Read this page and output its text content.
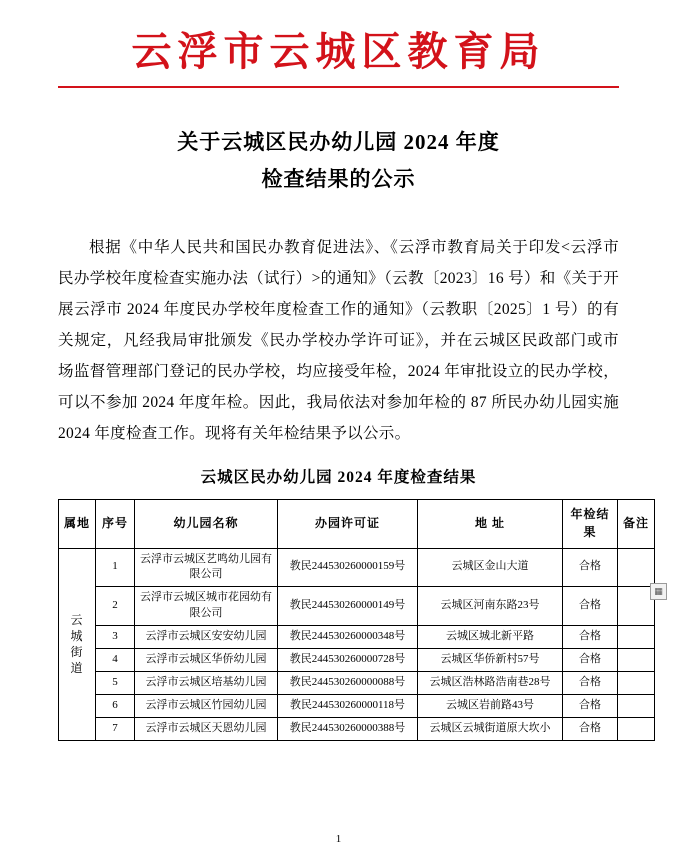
云浮市云城区教育局
关于云城区民办幼儿园 2024 年度
检查结果的公示
根据《中华人民共和国民办教育促进法》、《云浮市教育局关于印发<云浮市民办学校年度检查实施办法（试行）>的通知》（云教〔2023〕16 号）和《关于开展云浮市 2024 年度民办学校年度检查工作的通知》（云教职〔2025〕1 号）的有关规定，凡经我局审批颁发《民办学校办学许可证》，并在云城区民政部门或市场监督管理部门登记的民办学校，均应接受年检，2024 年审批设立的民办学校，可以不参加 2024 年度年检。因此，我局依法对参加年检的 87 所民办幼儿园实施 2024 年度检查工作。现将有关年检结果予以公示。
云城区民办幼儿园 2024 年度检查结果
▦
属地	序号	幼儿园名称	办园许可证	地 址	年检结果	备注

云
城
街
道	1	云浮市云城区艺鸣幼儿园有限公司	教民244530260000159号	云城区金山大道	合格	
	2	云浮市云城区城市花园幼有限公司	教民244530260000149号	云城区河南东路23号	合格	
	3	云浮市云城区安安幼儿园	教民244530260000348号	云城区城北新平路	合格	
	4	云浮市云城区华侨幼儿园	教民244530260000728号	云城区华侨新村57号	合格	
	5	云浮市云城区培基幼儿园	教民244530260000088号	云城区浩林路浩南巷28号	合格	
	6	云浮市云城区竹园幼儿园	教民244530260000118号	云城区岩前路43号	合格	
	7	云浮市云城区天恩幼儿园	教民244530260000388号	云城区云城街道原大坎小	合格	
1
